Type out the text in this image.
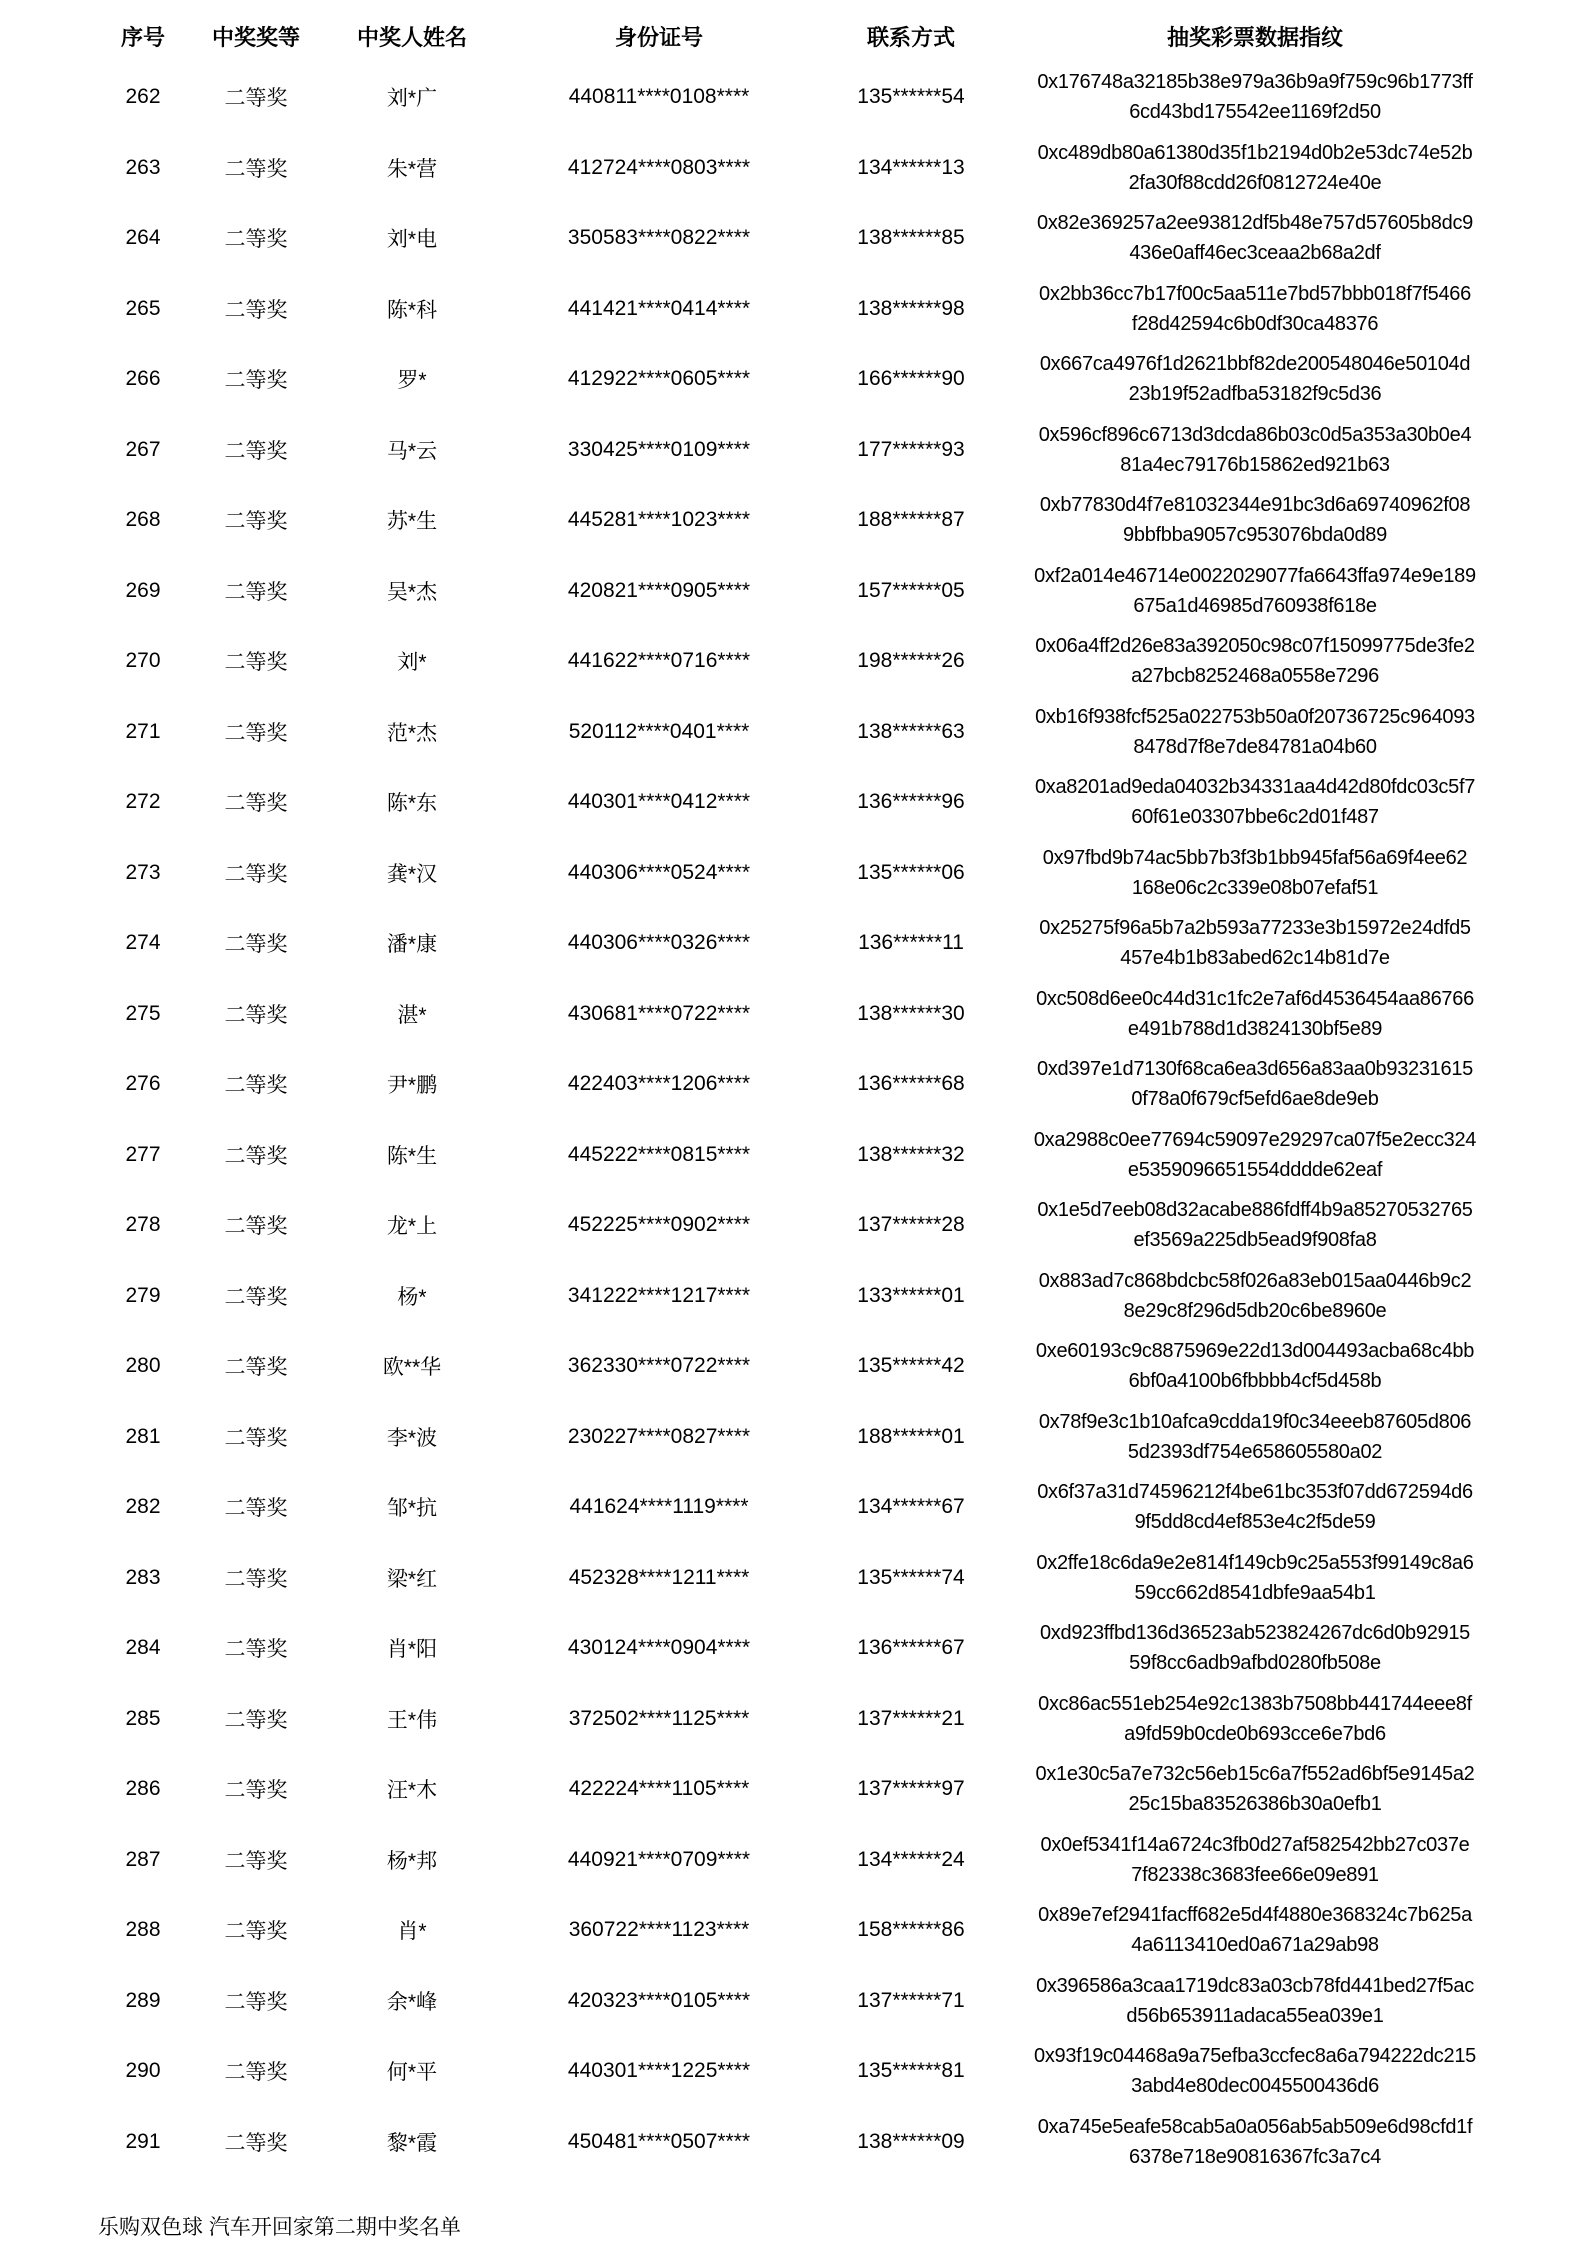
序号	中奖奖等	中奖人姓名	身份证号	联系方式	抽奖彩票数据指纹
262	二等奖	刘*广	440811****0108****	135******54	0x176748a32185b38e979a36b9a9f759c96b1773ff
6cd43bd175542ee1169f2d50

263	二等奖	朱*营	412724****0803****	134******13	0xc489db80a61380d35f1b2194d0b2e53dc74e52b
2fa30f88cdd26f0812724e40e

264	二等奖	刘*电	350583****0822****	138******85	0x82e369257a2ee93812df5b48e757d57605b8dc9
436e0aff46ec3ceaa2b68a2df

265	二等奖	陈*科	441421****0414****	138******98	0x2bb36cc7b17f00c5aa511e7bd57bbb018f7f5466
f28d42594c6b0df30ca48376

266	二等奖	罗*	412922****0605****	166******90	0x667ca4976f1d2621bbf82de200548046e50104d
23b19f52adfba53182f9c5d36

267	二等奖	马*云	330425****0109****	177******93	0x596cf896c6713d3dcda86b03c0d5a353a30b0e4
81a4ec79176b15862ed921b63

268	二等奖	苏*生	445281****1023****	188******87	0xb77830d4f7e81032344e91bc3d6a69740962f08
9bbfbba9057c953076bda0d89

269	二等奖	吴*杰	420821****0905****	157******05	0xf2a014e46714e0022029077fa6643ffa974e9e189
675a1d46985d760938f618e

270	二等奖	刘*	441622****0716****	198******26	0x06a4ff2d26e83a392050c98c07f15099775de3fe2
a27bcb8252468a0558e7296

271	二等奖	范*杰	520112****0401****	138******63	0xb16f938fcf525a022753b50a0f20736725c964093
8478d7f8e7de84781a04b60

272	二等奖	陈*东	440301****0412****	136******96	0xa8201ad9eda04032b34331aa4d42d80fdc03c5f7
60f61e03307bbe6c2d01f487

273	二等奖	龚*汉	440306****0524****	135******06	0x97fbd9b74ac5bb7b3f3b1bb945faf56a69f4ee62
168e06c2c339e08b07efaf51

274	二等奖	潘*康	440306****0326****	136******11	0x25275f96a5b7a2b593a77233e3b15972e24dfd5
457e4b1b83abed62c14b81d7e

275	二等奖	湛*	430681****0722****	138******30	0xc508d6ee0c44d31c1fc2e7af6d4536454aa86766
e491b788d1d3824130bf5e89

276	二等奖	尹*鹏	422403****1206****	136******68	0xd397e1d7130f68ca6ea3d656a83aa0b93231615
0f78a0f679cf5efd6ae8de9eb

277	二等奖	陈*生	445222****0815****	138******32	0xa2988c0ee77694c59097e29297ca07f5e2ecc324
e5359096651554dddde62eaf

278	二等奖	龙*上	452225****0902****	137******28	0x1e5d7eeb08d32acabe886fdff4b9a85270532765
ef3569a225db5ead9f908fa8

279	二等奖	杨*	341222****1217****	133******01	0x883ad7c868bdcbc58f026a83eb015aa0446b9c2
8e29c8f296d5db20c6be8960e

280	二等奖	欧**华	362330****0722****	135******42	0xe60193c9c8875969e22d13d004493acba68c4bb
6bf0a4100b6fbbbb4cf5d458b

281	二等奖	李*波	230227****0827****	188******01	0x78f9e3c1b10afca9cdda19f0c34eeeb87605d806
5d2393df754e658605580a02

282	二等奖	邹*抗	441624****1119****	134******67	0x6f37a31d74596212f4be61bc353f07dd672594d6
9f5dd8cd4ef853e4c2f5de59

283	二等奖	梁*红	452328****1211****	135******74	0x2ffe18c6da9e2e814f149cb9c25a553f99149c8a6
59cc662d8541dbfe9aa54b1

284	二等奖	肖*阳	430124****0904****	136******67	0xd923ffbd136d36523ab523824267dc6d0b92915
59f8cc6adb9afbd0280fb508e

285	二等奖	王*伟	372502****1125****	137******21	0xc86ac551eb254e92c1383b7508bb441744eee8f
a9fd59b0cde0b693cce6e7bd6

286	二等奖	汪*木	422224****1105****	137******97	0x1e30c5a7e732c56eb15c6a7f552ad6bf5e9145a2
25c15ba83526386b30a0efb1

287	二等奖	杨*邦	440921****0709****	134******24	0x0ef5341f14a6724c3fb0d27af582542bb27c037e
7f82338c3683fee66e09e891

288	二等奖	肖*	360722****1123****	158******86	0x89e7ef2941facff682e5d4f4880e368324c7b625a
4a6113410ed0a671a29ab98

289	二等奖	余*峰	420323****0105****	137******71	0x396586a3caa1719dc83a03cb78fd441bed27f5ac
d56b653911adaca55ea039e1

290	二等奖	何*平	440301****1225****	135******81	0x93f19c04468a9a75efba3ccfec8a6a794222dc215
3abd4e80dec0045500436d6

291	二等奖	黎*霞	450481****0507****	138******09	0xa745e5eafe58cab5a0a056ab5ab509e6d98cfd1f
6378e718e90816367fc3a7c4
乐购双色球 汽车开回家第二期中奖名单
